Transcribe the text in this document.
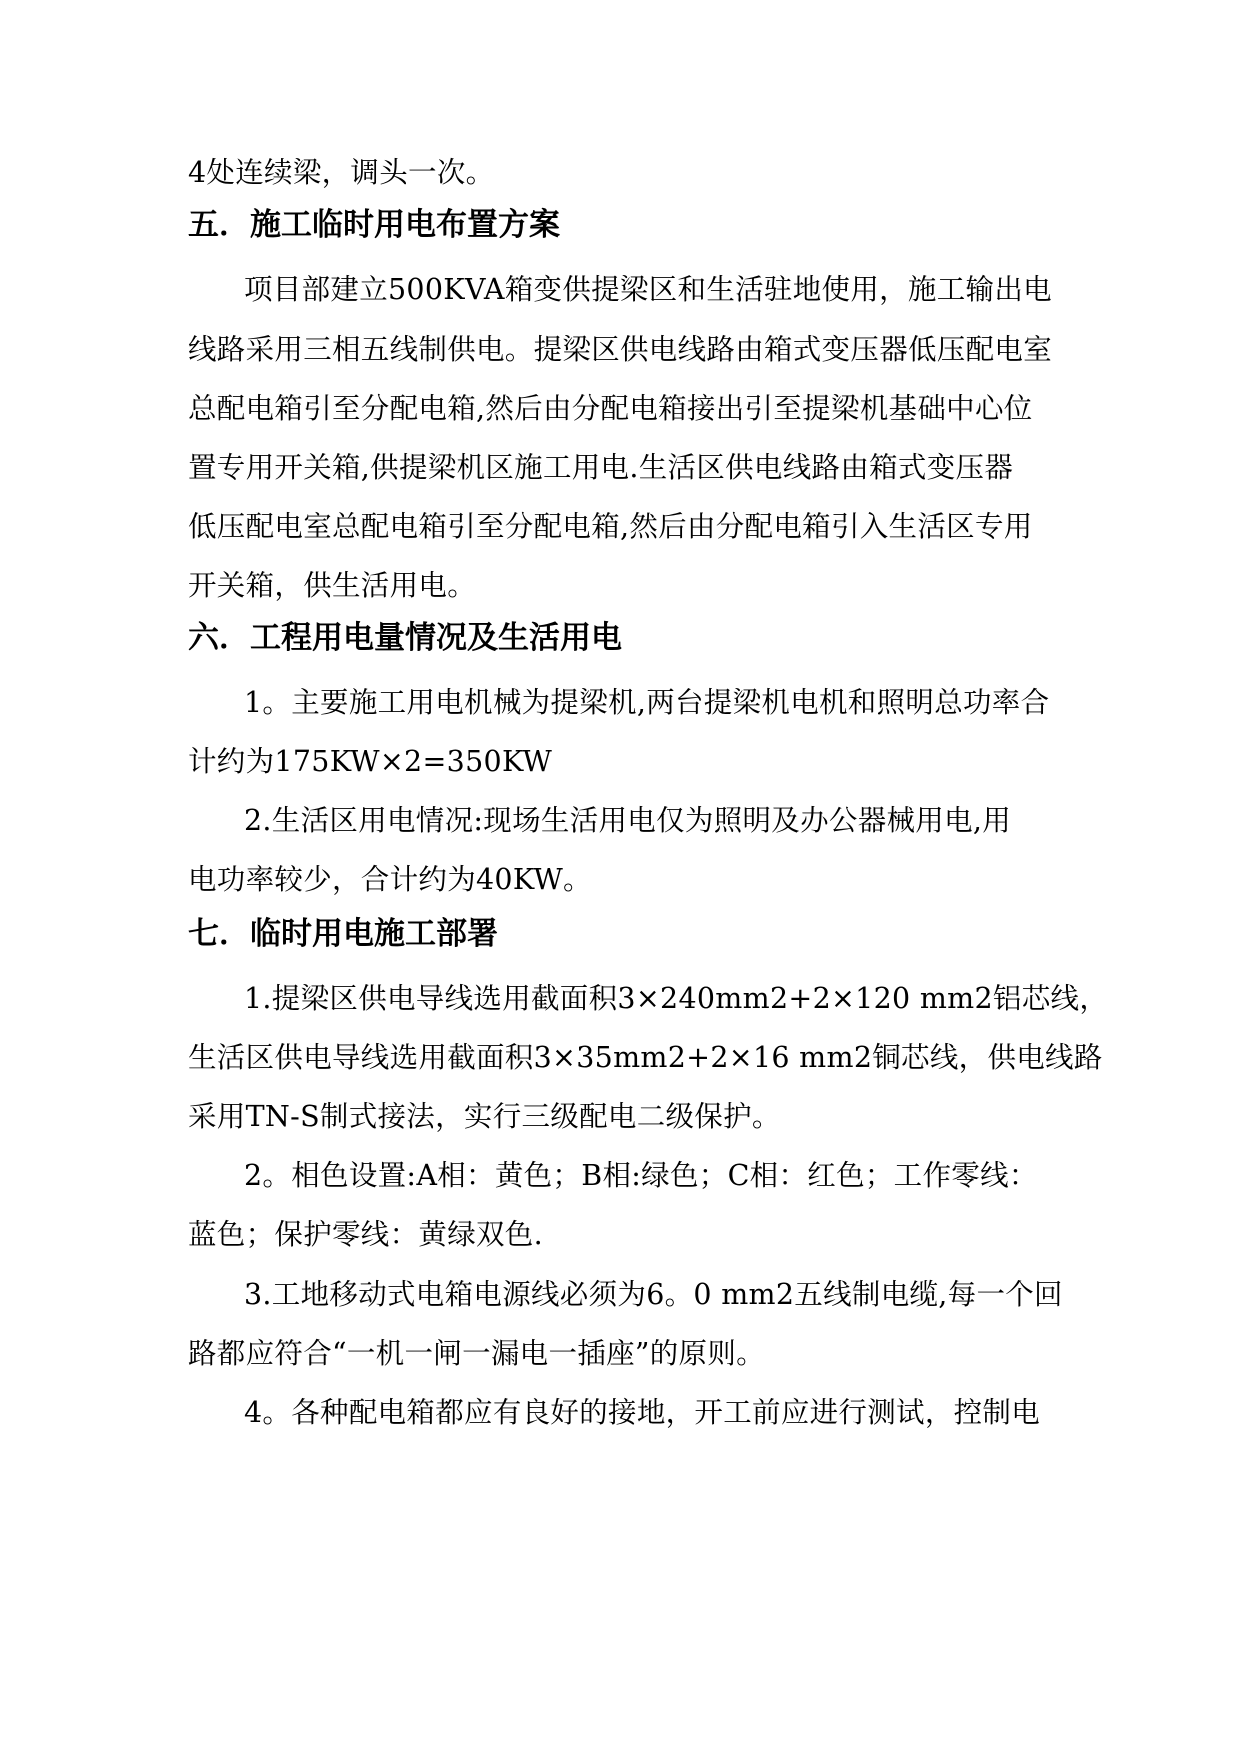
4处连续梁，调头一次。
五．施工临时用电布置方案
项目部建立500KVA箱变供提梁区和生活驻地使用，施工输出电
线路采用三相五线制供电。提梁区供电线路由箱式变压器低压配电室
总配电箱引至分配电箱,然后由分配电箱接出引至提梁机基础中心位
置专用开关箱,供提梁机区施工用电.生活区供电线路由箱式变压器
低压配电室总配电箱引至分配电箱,然后由分配电箱引入生活区专用
开关箱，供生活用电。
六．工程用电量情况及生活用电
1。主要施工用电机械为提梁机,两台提梁机电机和照明总功率合
计约为175KW×2=350KW
2.生活区用电情况:现场生活用电仅为照明及办公器械用电,用
电功率较少，合计约为40KW。
七．临时用电施工部署
1.提梁区供电导线选用截面积3×240mm2+2×120 mm2铝芯线，
生活区供电导线选用截面积3×35mm2+2×16 mm2铜芯线，供电线路
采用TN-S制式接法，实行三级配电二级保护。
2。相色设置:A相：黄色；B相:绿色；C相：红色；工作零线：
蓝色；保护零线：黄绿双色.
3.工地移动式电箱电源线必须为6。0 mm2五线制电缆,每一个回
路都应符合“一机一闸一漏电一插座”的原则。
4。各种配电箱都应有良好的接地，开工前应进行测试，控制电
